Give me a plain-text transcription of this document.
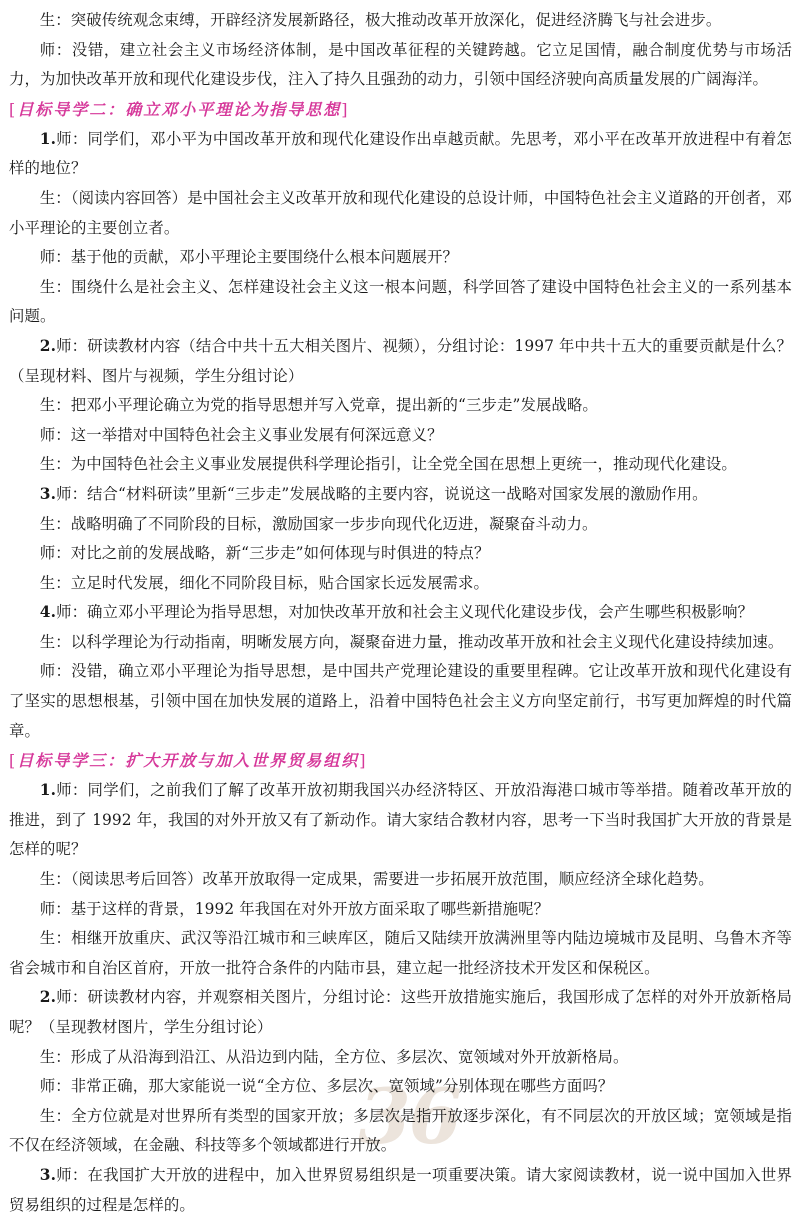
36

生：突破传统观念束缚，开辟经济发展新路径，极大推动改革开放深化，促进经济腾飞与社会进步。

师：没错，建立社会主义市场经济体制，是中国改革征程的关键跨越。它立足国情，融合制度优势与市场活力，为加快改革开放和现代化建设步伐，注入了持久且强劲的动力，引领中国经济驶向高质量发展的广阔海洋。

[目标导学二：确立邓小平理论为指导思想]

1.师：同学们，邓小平为中国改革开放和现代化建设作出卓越贡献。先思考，邓小平在改革开放进程中有着怎样的地位？

生：（阅读内容回答）是中国社会主义改革开放和现代化建设的总设计师，中国特色社会主义道路的开创者，邓小平理论的主要创立者。

师：基于他的贡献，邓小平理论主要围绕什么根本问题展开？

生：围绕什么是社会主义、怎样建设社会主义这一根本问题，科学回答了建设中国特色社会主义的一系列基本问题。

2.师：研读教材内容（结合中共十五大相关图片、视频），分组讨论：1997 年中共十五大的重要贡献是什么？（呈现材料、图片与视频，学生分组讨论）

生：把邓小平理论确立为党的指导思想并写入党章，提出新的“三步走”发展战略。

师：这一举措对中国特色社会主义事业发展有何深远意义？

生：为中国特色社会主义事业发展提供科学理论指引，让全党全国在思想上更统一，推动现代化建设。

3.师：结合“材料研读”里新“三步走”发展战略的主要内容，说说这一战略对国家发展的激励作用。

生：战略明确了不同阶段的目标，激励国家一步步向现代化迈进，凝聚奋斗动力。

师：对比之前的发展战略，新“三步走”如何体现与时俱进的特点？

生：立足时代发展，细化不同阶段目标，贴合国家长远发展需求。

4.师：确立邓小平理论为指导思想，对加快改革开放和社会主义现代化建设步伐，会产生哪些积极影响？

生：以科学理论为行动指南，明晰发展方向，凝聚奋进力量，推动改革开放和社会主义现代化建设持续加速。

师：没错，确立邓小平理论为指导思想，是中国共产党理论建设的重要里程碑。它让改革开放和现代化建设有了坚实的思想根基，引领中国在加快发展的道路上，沿着中国特色社会主义方向坚定前行，书写更加辉煌的时代篇章。

[目标导学三：扩大开放与加入世界贸易组织]

1.师：同学们，之前我们了解了改革开放初期我国兴办经济特区、开放沿海港口城市等举措。随着改革开放的推进，到了 1992 年，我国的对外开放又有了新动作。请大家结合教材内容，思考一下当时我国扩大开放的背景是怎样的呢？

生：（阅读思考后回答）改革开放取得一定成果，需要进一步拓展开放范围，顺应经济全球化趋势。

师：基于这样的背景，1992 年我国在对外开放方面采取了哪些新措施呢？

生：相继开放重庆、武汉等沿江城市和三峡库区，随后又陆续开放满洲里等内陆边境城市及昆明、乌鲁木齐等省会城市和自治区首府，开放一批符合条件的内陆市县，建立起一批经济技术开发区和保税区。

2.师：研读教材内容，并观察相关图片，分组讨论：这些开放措施实施后，我国形成了怎样的对外开放新格局呢？（呈现教材图片，学生分组讨论）

生：形成了从沿海到沿江、从沿边到内陆，全方位、多层次、宽领域对外开放新格局。

师：非常正确，那大家能说一说“全方位、多层次、宽领域”分别体现在哪些方面吗？

生：全方位就是对世界所有类型的国家开放；多层次是指开放逐步深化，有不同层次的开放区域；宽领域是指不仅在经济领域，在金融、科技等多个领域都进行开放。

3.师：在我国扩大开放的进程中，加入世界贸易组织是一项重要决策。请大家阅读教材，说一说中国加入世界贸易组织的过程是怎样的。
